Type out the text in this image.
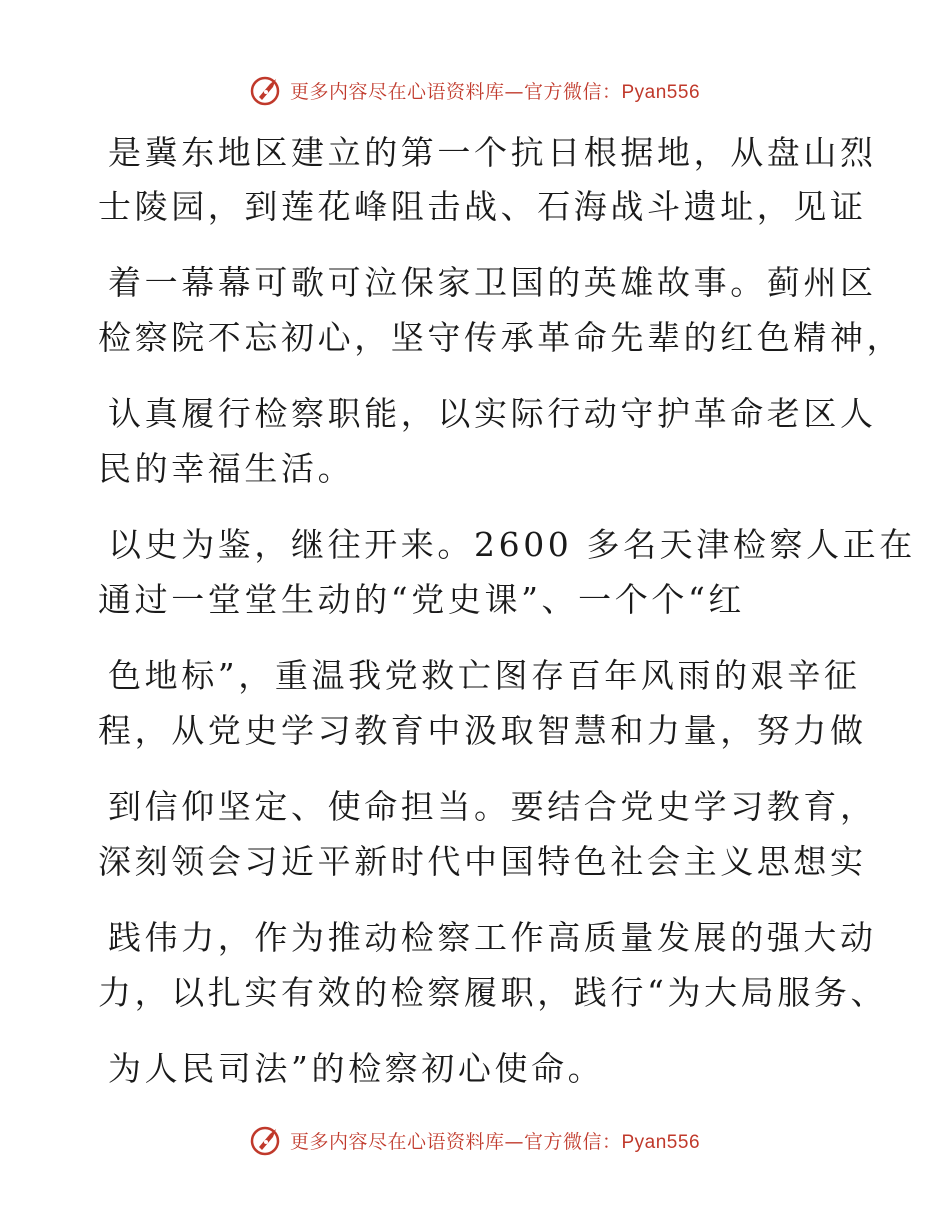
更多内容尽在心语资料库—官方微信：Pyan556
是冀东地区建立的第一个抗日根据地，从盘山烈
士陵园，到莲花峰阻击战、石海战斗遗址，见证
着一幕幕可歌可泣保家卫国的英雄故事。蓟州区
检察院不忘初心，坚守传承革命先辈的红色精神，
认真履行检察职能，以实际行动守护革命老区人
民的幸福生活。
以史为鉴，继往开来。2600 多名天津检察人正在
通过一堂堂生动的“党史课”、一个个“红
色地标”，重温我党救亡图存百年风雨的艰辛征
程，从党史学习教育中汲取智慧和力量，努力做
到信仰坚定、使命担当。要结合党史学习教育，
深刻领会习近平新时代中国特色社会主义思想实
践伟力，作为推动检察工作高质量发展的强大动
力，以扎实有效的检察履职，践行“为大局服务、
为人民司法”的检察初心使命。
更多内容尽在心语资料库—官方微信：Pyan556
